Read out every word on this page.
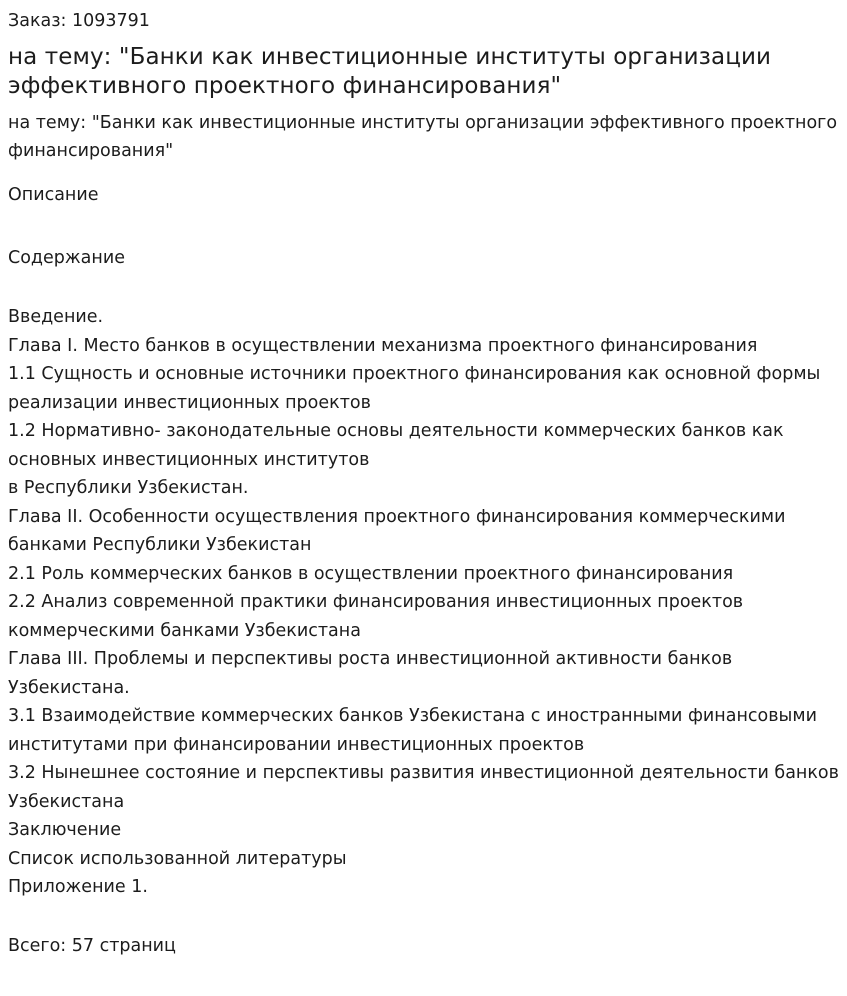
Заказ: 1093791

на тему: "Банки как инвестиционные институты организации эффективного проектного финансирования"

на тему: "Банки как инвестиционные институты организации эффективного проектного финансирования"

Описание

Содержание

Введение.
Глава I. Место банков в осуществлении механизма проектного финансирования
1.1 Сущность и основные источники проектного финансирования как основной формы реализации инвестиционных проектов
1.2 Нормативно- законодательные основы деятельности коммерческих банков как основных инвестиционных институтов
в Республики Узбекистан.
Глава II. Особенности осуществления проектного финансирования коммерческими банками Республики Узбекистан
2.1 Роль коммерческих банков в осуществлении проектного финансирования
2.2 Анализ современной практики финансирования инвестиционных проектов коммерческими банками Узбекистана
Глава III. Проблемы и перспективы роста инвестиционной активности банков Узбекистана.
3.1 Взаимодействие коммерческих банков Узбекистана с иностранными финансовыми институтами при финансировании инвестиционных проектов
3.2 Нынешнее состояние и перспективы развития инвестиционной деятельности банков Узбекистана
Заключение
Список использованной литературы
Приложение 1.

Всего: 57 страниц
